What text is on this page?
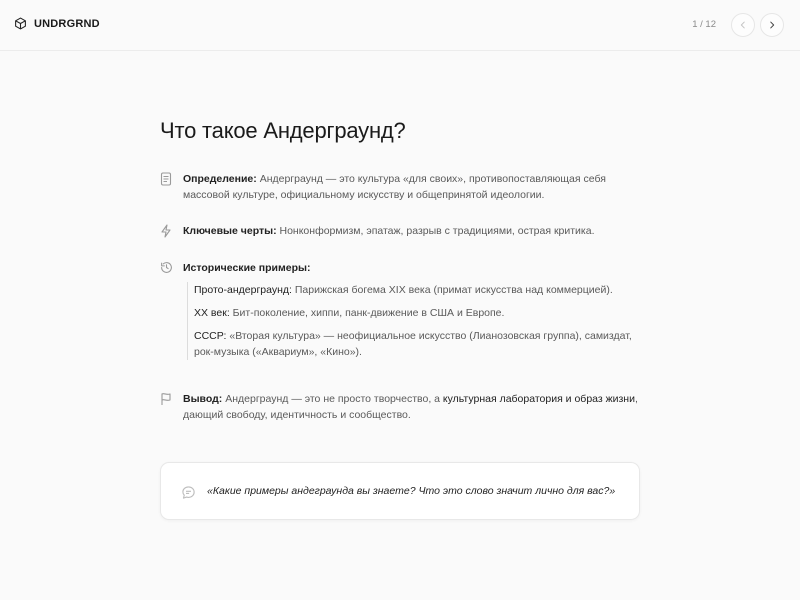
UNDRGRND	1 / 12
Что такое Андерграунд?
Определение: Андерграунд — это культура «для своих», противопоставляющая себя массовой культуре, официальному искусству и общепринятой идеологии.
Ключевые черты: Нонконформизм, эпатаж, разрыв с традициями, острая критика.
Исторические примеры:

Прото-андерграунд: Парижская богема XIX века (примат искусства над коммерцией).

XX век: Бит-поколение, хиппи, панк-движение в США и Европе.

СССР: «Вторая культура» — неофициальное искусство (Лианозовская группа), самиздат, рок-музыка («Аквариум», «Кино»).

Вывод: Андерграунд — это не просто творчество, а культурная лаборатория и образ жизни, дающий свободу, идентичность и сообщество.
«Какие примеры андеграунда вы знаете? Что это слово значит лично для вас?»
